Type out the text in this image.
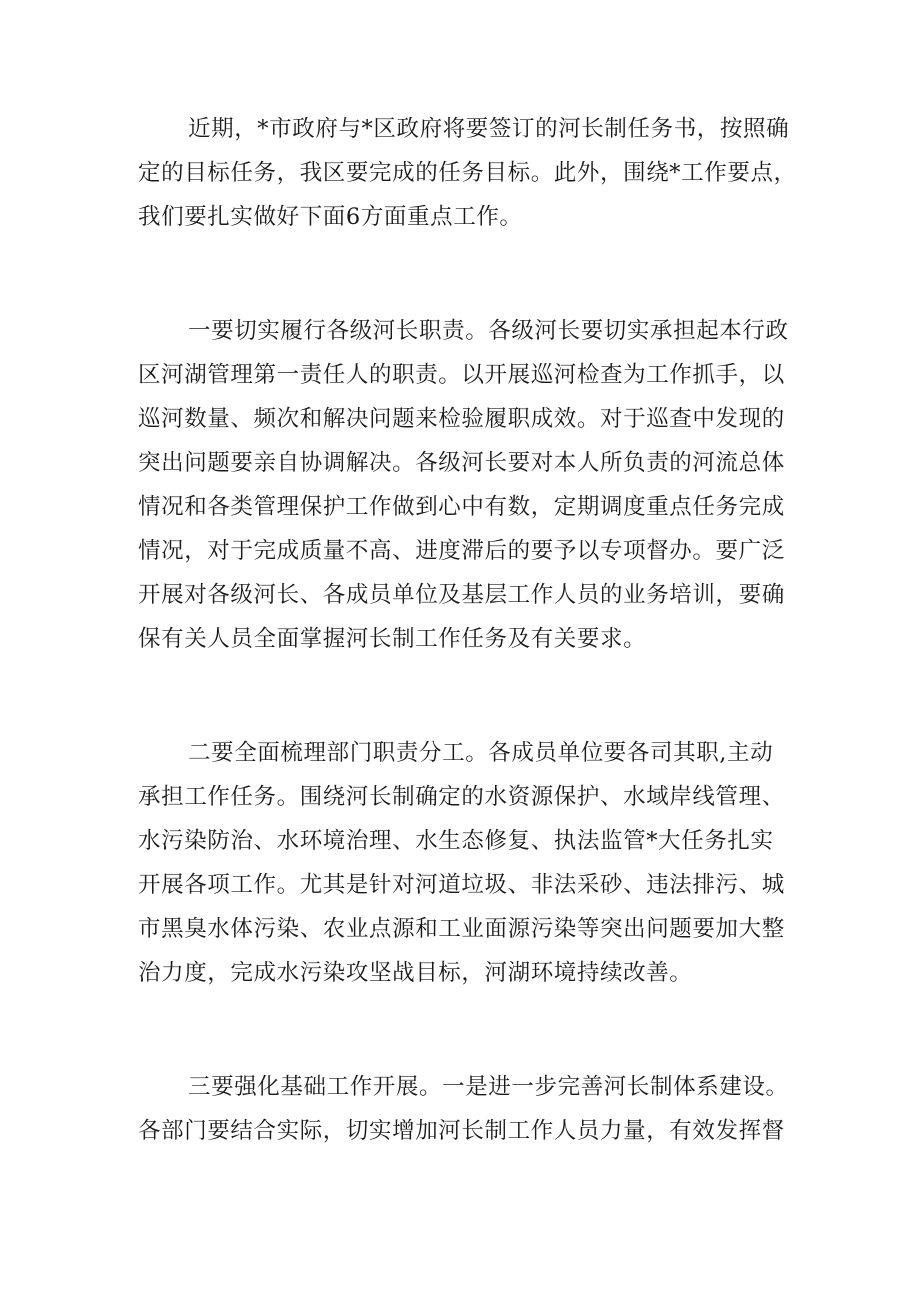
近期，*市政府与*区政府将要签订的河长制任务书，按照确
定的目标任务，我区要完成的任务目标。此外，围绕*工作要点，
我们要扎实做好下面6方面重点工作。
一要切实履行各级河长职责。各级河长要切实承担起本行政
区河湖管理第一责任人的职责。以开展巡河检查为工作抓手，以
巡河数量、频次和解决问题来检验履职成效。对于巡查中发现的
突出问题要亲自协调解决。各级河长要对本人所负责的河流总体
情况和各类管理保护工作做到心中有数，定期调度重点任务完成
情况，对于完成质量不高、进度滞后的要予以专项督办。要广泛
开展对各级河长、各成员单位及基层工作人员的业务培训，要确
保有关人员全面掌握河长制工作任务及有关要求。
二要全面梳理部门职责分工。各成员单位要各司其职,主动
承担工作任务。围绕河长制确定的水资源保护、水域岸线管理、
水污染防治、水环境治理、水生态修复、执法监管*大任务扎实
开展各项工作。尤其是针对河道垃圾、非法采砂、违法排污、城
市黑臭水体污染、农业点源和工业面源污染等突出问题要加大整
治力度，完成水污染攻坚战目标，河湖环境持续改善。
三要强化基础工作开展。一是进一步完善河长制体系建设。
各部门要结合实际，切实增加河长制工作人员力量，有效发挥督
